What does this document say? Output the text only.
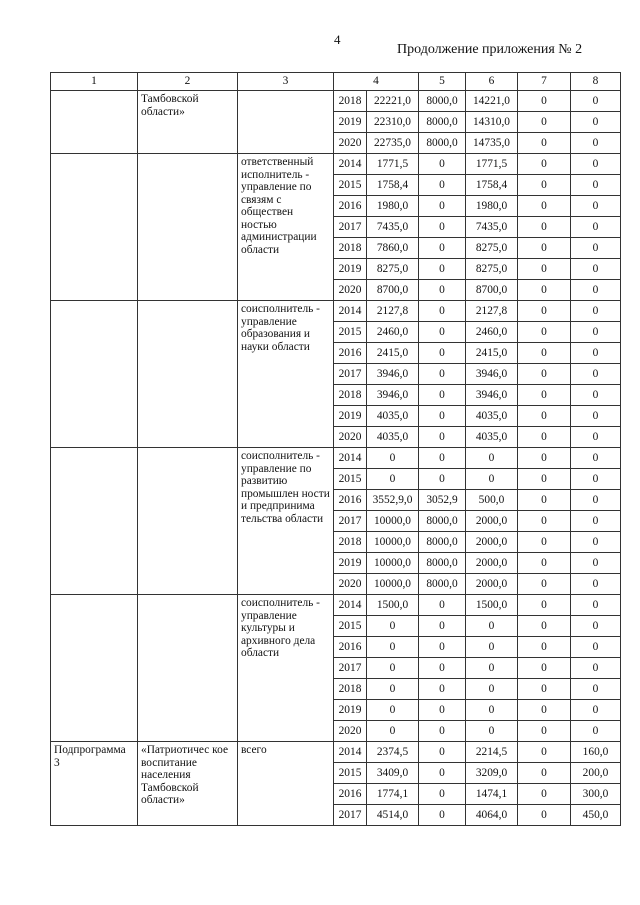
4
Продолжение приложения № 2
1	2	3	4		5	6	7	8
	Тамбовской области»		2018	22221,0	8000,0	14221,0	0	0
			2019	22310,0	8000,0	14310,0	0	0
			2020	22735,0	8000,0	14735,0	0	0
		ответственный исполнитель - управление по связям с обществен ностью администрации области	2014	1771,5	0	1771,5	0	0
			2015	1758,4	0	1758,4	0	0
			2016	1980,0	0	1980,0	0	0
			2017	7435,0	0	7435,0	0	0
			2018	7860,0	0	8275,0	0	0
			2019	8275,0	0	8275,0	0	0
			2020	8700,0	0	8700,0	0	0
		соисполнитель - управление образования и науки области	2014	2127,8	0	2127,8	0	0
			2015	2460,0	0	2460,0	0	0
			2016	2415,0	0	2415,0	0	0
			2017	3946,0	0	3946,0	0	0
			2018	3946,0	0	3946,0	0	0
			2019	4035,0	0	4035,0	0	0
			2020	4035,0	0	4035,0	0	0
		соисполнитель - управление по развитию промышлен ности и предпринима тельства области	2014	0	0	0	0	0
			2015	0	0	0	0	0
			2016	3552,9,0	3052,9	500,0	0	0
			2017	10000,0	8000,0	2000,0	0	0
			2018	10000,0	8000,0	2000,0	0	0
			2019	10000,0	8000,0	2000,0	0	0
			2020	10000,0	8000,0	2000,0	0	0
		соисполнитель - управление культуры и архивного дела области	2014	1500,0	0	1500,0	0	0
			2015	0	0	0	0	0
			2016	0	0	0	0	0
			2017	0	0	0	0	0
			2018	0	0	0	0	0
			2019	0	0	0	0	0
			2020	0	0	0	0	0
Подпрограмма 3	«Патриотичес кое воспитание населения Тамбовской области»	всего	2014	2374,5	0	2214,5	0	160,0
			2015	3409,0	0	3209,0	0	200,0
			2016	1774,1	0	1474,1	0	300,0
			2017	4514,0	0	4064,0	0	450,0
